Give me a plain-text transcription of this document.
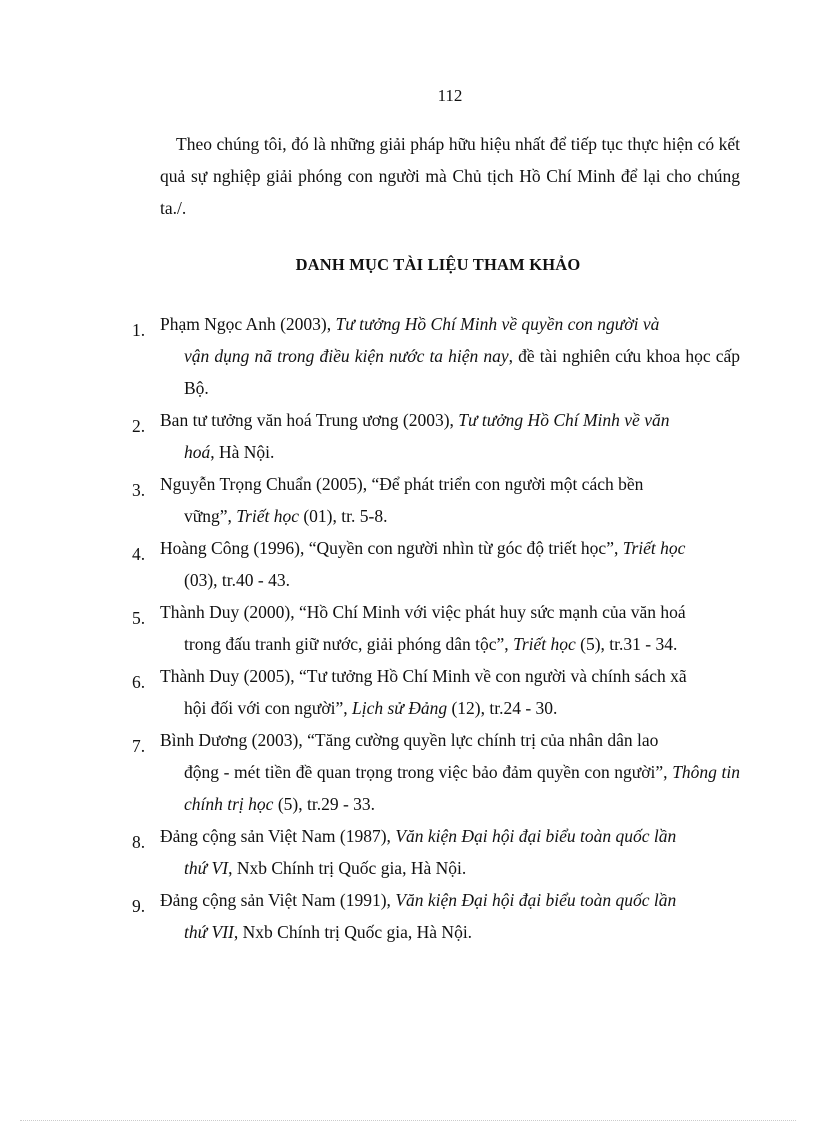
112

Theo chúng tôi, đó là những giải pháp hữu hiệu nhất để tiếp tục thực hiện có kết quả sự nghiệp giải phóng con người mà Chủ tịch Hồ Chí Minh để lại cho chúng ta./.

DANH MỤC TÀI LIỆU THAM KHẢO
1. Phạm Ngọc Anh (2003), Tư tưởng Hồ Chí Minh về quyền con người và
vận dụng nã trong điều kiện nước ta hiện nay, đề tài nghiên cứu khoa học cấp Bộ.
2. Ban tư tưởng văn hoá Trung ương (2003), Tư tưởng Hồ Chí Minh về văn
hoá, Hà Nội.
3. Nguyễn Trọng Chuẩn (2005), “Để phát triển con người một cách bền
vững”, Triết học (01), tr. 5-8.
4. Hoàng Công (1996), “Quyền con người nhìn từ góc độ triết học”, Triết học
(03), tr.40 - 43.
5. Thành Duy (2000), “Hồ Chí Minh với việc phát huy sức mạnh của văn hoá
trong đấu tranh giữ nước, giải phóng dân tộc”, Triết học (5), tr.31 - 34.
6. Thành Duy (2005), “Tư tưởng Hồ Chí Minh về con người và chính sách xã
hội đối với con người”, Lịch sử Đảng (12), tr.24 - 30.
7. Bình Dương (2003), “Tăng cường quyền lực chính trị của nhân dân lao
động - mét tiền đề quan trọng trong việc bảo đảm quyền con người”, Thông tin chính trị học (5), tr.29 - 33.
8. Đảng cộng sản Việt Nam (1987), Văn kiện Đại hội đại biểu toàn quốc lần
thứ VI, Nxb Chính trị Quốc gia, Hà Nội.
9. Đảng cộng sản Việt Nam (1991), Văn kiện Đại hội đại biểu toàn quốc lần
thứ VII, Nxb Chính trị Quốc gia, Hà Nội.
